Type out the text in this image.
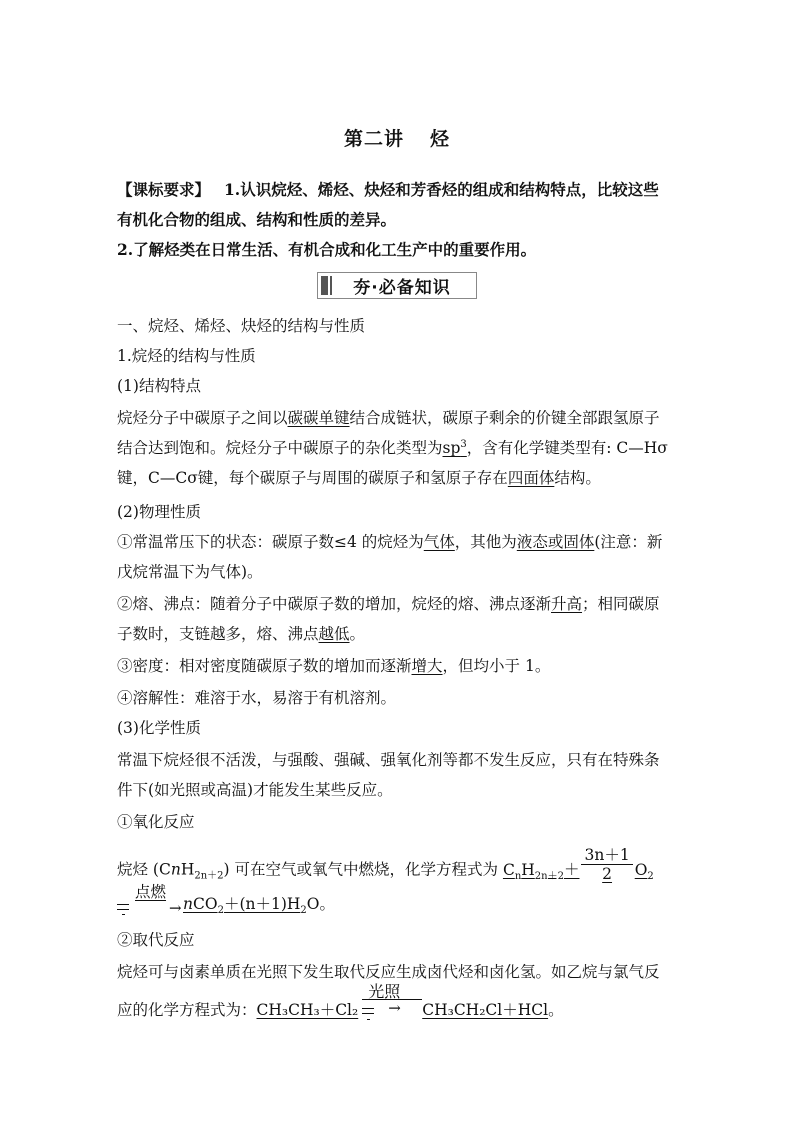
第二讲 烃
【课标要求】 1.认识烷烃、烯烃、炔烃和芳香烃的组成和结构特点，比较这些
有机化合物的组成、结构和性质的差异。
2.了解烃类在日常生活、有机合成和化工生产中的重要作用。
夯·必备知识
一、烷烃、烯烃、炔烃的结构与性质
1.烷烃的结构与性质
(1)结构特点
烷烃分子中碳原子之间以碳碳单键结合成链状，碳原子剩余的价键全部跟氢原子
结合达到饱和。烷烃分子中碳原子的杂化类型为$sp^3$，含有化学键类型有: C—Hσ
键，C—Cσ键，每个碳原子与周围的碳原子和氢原子存在四面体结构。
(2)物理性质
①常温常压下的状态：碳原子数≤4 的烷烃为气体，其他为液态或固体(注意：新
戊烷常温下为气体)。
②熔、沸点：随着分子中碳原子数的增加，烷烃的熔、沸点逐渐升高；相同碳原
子数时，支链越多，熔、沸点越低。
③密度：相对密度随碳原子数的增加而逐渐增大，但均小于 1。
④溶解性：难溶于水，易溶于有机溶剂。
(3)化学性质
常温下烷烃很不活泼，与强酸、强碱、强氧化剂等都不发生反应，只有在特殊条
件下(如光照或高温)才能发生某些反应。
①氧化反应
烷烃 (CnH$_{2n+2}$) 可在空气或氧气中燃烧，化学方程式为 $C_nH_{2n+2}+ \frac{3n+1}{2} O_2$
点燃
→ $nCO_2+(n+1)H_2O$。
②取代反应
烷烃可与卤素单质在光照下发生取代反应生成卤代烃和卤化氢。如乙烷与氯气反
应的化学方程式为：CH₃CH₃＋Cl₂
光照
→ CH₃CH₂Cl＋HCl。
